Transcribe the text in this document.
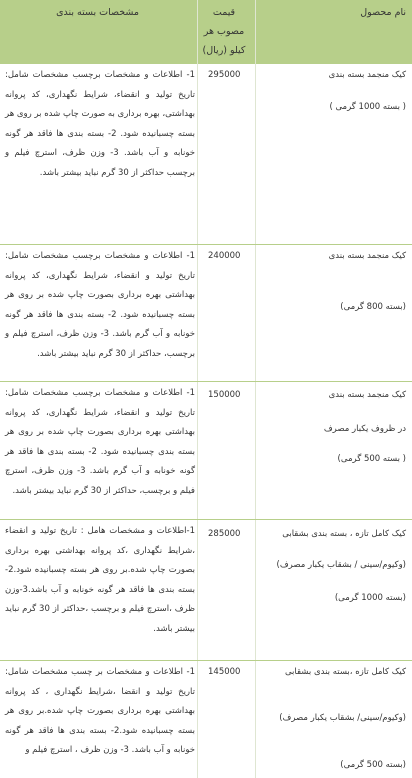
نام محصول
قیمت
مصوب هر
کیلو (ریال)
مشخصات بسته بندی
کیک منجمد بسته بندی
( بسته 1000 گرمی )
295000
1- اطلاعات و مشخصات برچسب مشخصات شامل: تاریخ تولید و انقضاء، شرایط نگهداری، کد پروانه بهداشتی، بهره برداری به صورت چاپ شده بر روی هر بسته چسبانیده شود. 2- بسته بندی ها فاقد هر گونه خونابه و آب باشد. 3- وزن ظرف، استرچ فیلم و برچسب حداکثر از 30 گرم نباید بیشتر باشد.
کیک منجمد بسته بندی
(بسته 800 گرمی)
240000
1- اطلاعات و مشخصات برچسب مشخصات شامل: تاریخ تولید و انقضاء، شرایط نگهداری، کد پروانه بهداشتی بهره برداری بصورت چاپ شده بر روی هر بسته چسبانیده شود. 2- بسته بندی ها فاقد هر گونه خونابه و آب گرم باشد. 3- وزن ظرف، استرچ فیلم و برچسب، حداکثر از 30 گرم نباید بیشتر باشد.
کیک منجمد بسته بندی
در ظروف یکبار مصرف
(بسته 500 گرمی )
150000
1- اطلاعات و مشخصات برچسب مشخصات شامل: تاریخ تولید و انقضاء، شرایط نگهداری، کد پروانه بهداشتی بهره برداری بصورت چاپ شده بر روی هر بسته بندی چسبانیده شود. 2- بسته بندی ها فاقد هر گونه خونابه و آب گرم باشد. 3- وزن ظرف، استرچ فیلم و برچسب، حداکثر از 30 گرم نباید بیشتر باشد.
کیک کامل تازه ، بسته بندی بشقابی
(وکیوم/سینی / بشقاب یکبار مصرف)
(بسته 1000 گرمی)
285000
1-اطلاعات و مشخصات هامل : تاریخ تولید و انقضاء ،شرایط نگهداری ،کد پروانه بهداشتی بهره برداری بصورت چاپ شده.بر روی هر بسته چسبانیده شود.2-بسته بندی ها فاقد هر گونه خونابه و آب باشد.3-وزن ظرف ،استرچ فیلم و برچسب ،حداکثر از 30 گرم نباید بیشتر باشد.
کیک کامل تازه ،بسته بندی بشقابی
(وکیوم/سینی/ بشقاب یکبار مصرف)
(بسته 500 گرمی)
145000
1- اطلاعات و مشخصات بر چسب مشخصات شامل: تاریخ تولید و انقضا ،شرایط نگهداری ، کد پروانه بهداشتی بهره برداری بصورت چاپ شده.بر روی هر بسته چسبانیده شود.2- بسته بندی ها فاقد هر گونه خونابه و آب باشد. 3- وزن ظرف ، استرچ فیلم و
